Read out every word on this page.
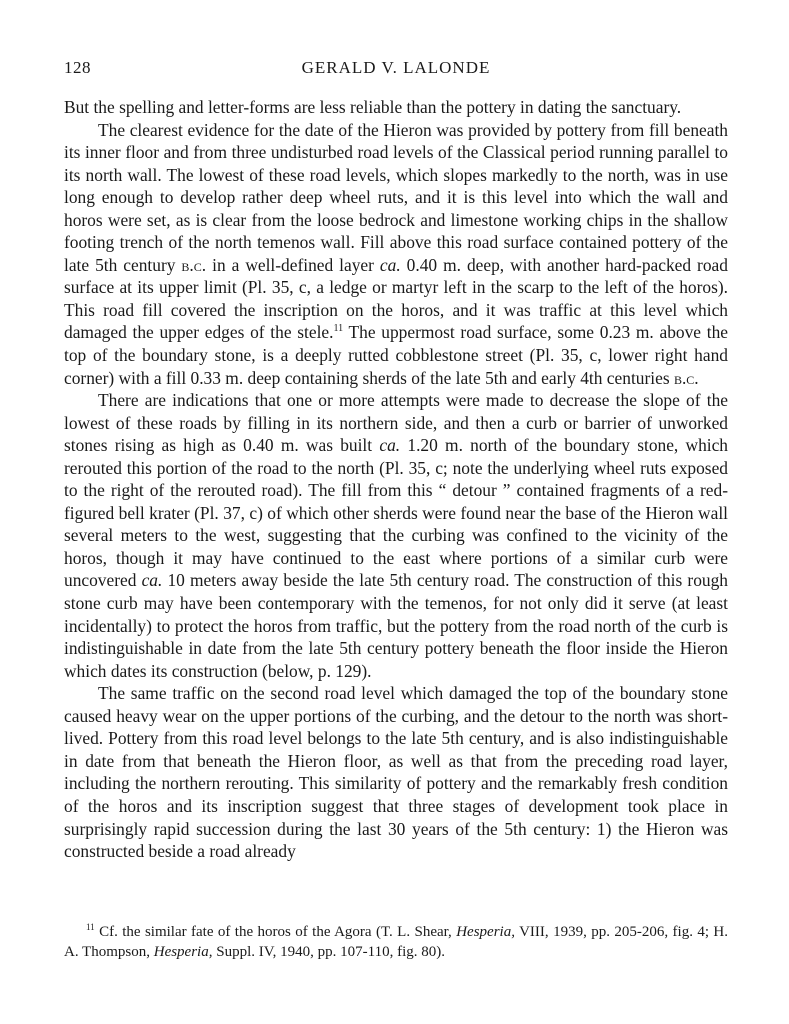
128	GERALD V. LALONDE

But the spelling and letter-forms are less reliable than the pottery in dating the sanctuary.

The clearest evidence for the date of the Hieron was provided by pottery from fill beneath its inner floor and from three undisturbed road levels of the Classical period running parallel to its north wall. The lowest of these road levels, which slopes markedly to the north, was in use long enough to develop rather deep wheel ruts, and it is this level into which the wall and horos were set, as is clear from the loose bedrock and limestone working chips in the shallow footing trench of the north temenos wall. Fill above this road surface contained pottery of the late 5th century b.c. in a well-defined layer ca. 0.40 m. deep, with another hard-packed road surface at its upper limit (Pl. 35, c, a ledge or martyr left in the scarp to the left of the horos). This road fill covered the inscription on the horos, and it was traffic at this level which damaged the upper edges of the stele.$^{11}$ The uppermost road surface, some 0.23 m. above the top of the boundary stone, is a deeply rutted cobblestone street (Pl. 35, c, lower right hand corner) with a fill 0.33 m. deep containing sherds of the late 5th and early 4th centuries b.c.

There are indications that one or more attempts were made to decrease the slope of the lowest of these roads by filling in its northern side, and then a curb or barrier of unworked stones rising as high as 0.40 m. was built ca. 1.20 m. north of the boundary stone, which rerouted this portion of the road to the north (Pl. 35, c; note the underlying wheel ruts exposed to the right of the rerouted road). The fill from this “ detour ” contained fragments of a red-figured bell krater (Pl. 37, c) of which other sherds were found near the base of the Hieron wall several meters to the west, suggesting that the curbing was confined to the vicinity of the horos, though it may have continued to the east where portions of a similar curb were uncovered ca. 10 meters away beside the late 5th century road. The construction of this rough stone curb may have been contemporary with the temenos, for not only did it serve (at least incidentally) to protect the horos from traffic, but the pottery from the road north of the curb is indistinguishable in date from the late 5th century pottery beneath the floor inside the Hieron which dates its construction (below, p. 129).

The same traffic on the second road level which damaged the top of the boundary stone caused heavy wear on the upper portions of the curbing, and the detour to the north was short-lived. Pottery from this road level belongs to the late 5th century, and is also indistinguishable in date from that beneath the Hieron floor, as well as that from the preceding road layer, including the northern rerouting. This similarity of pottery and the remarkably fresh condition of the horos and its inscription suggest that three stages of development took place in surprisingly rapid succession during the last 30 years of the 5th century: 1) the Hieron was constructed beside a road already

$^{11}$ Cf. the similar fate of the horos of the Agora (T. L. Shear, Hesperia, VIII, 1939, pp. 205-206, fig. 4; H. A. Thompson, Hesperia, Suppl. IV, 1940, pp. 107-110, fig. 80).
